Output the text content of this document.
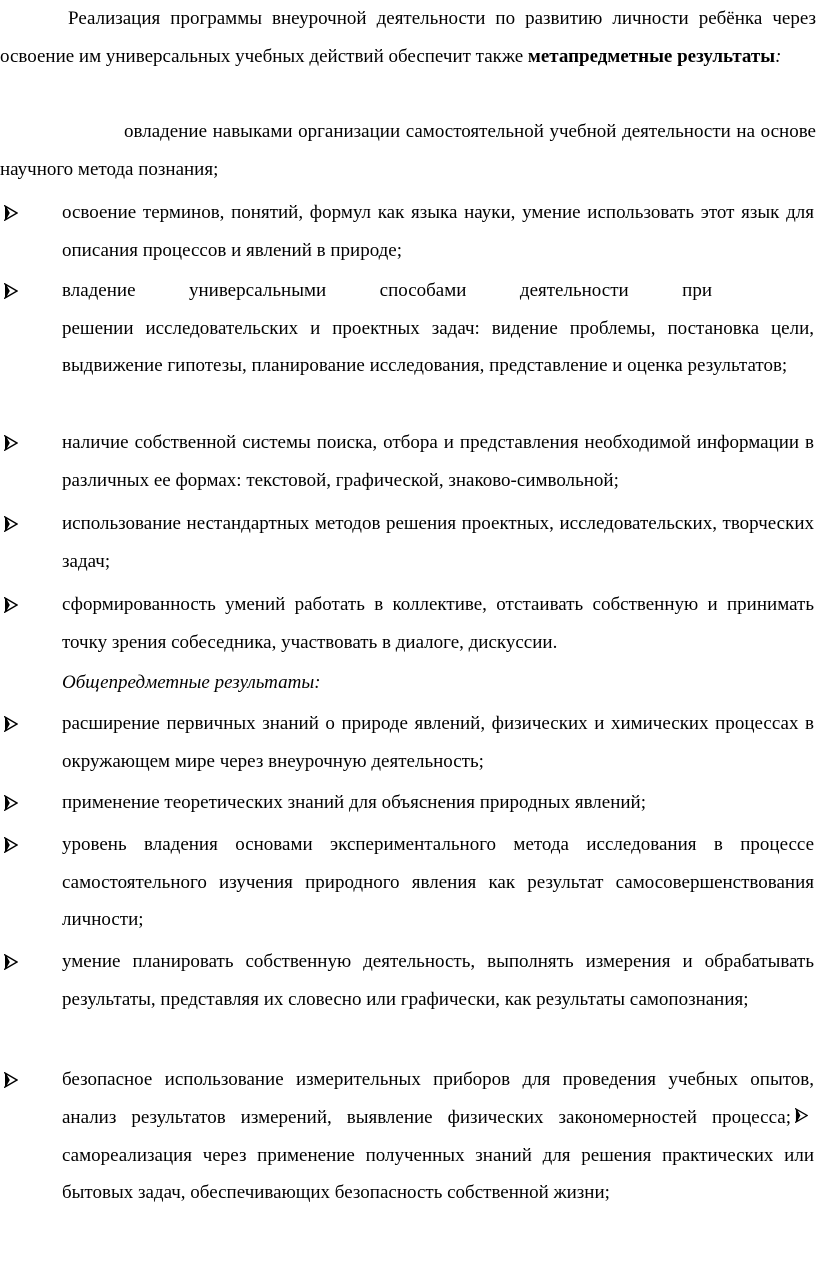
Реализация программы внеурочной деятельности по развитию личности ребёнка через освоение им универсальных учебных действий обеспечит также метапредметные результаты:

овладение навыками организации самостоятельной учебной деятельности на основе научного метода познания;

освоение терминов, понятий, формул как языка науки, умение использовать этот язык для описания процессов и явлений в природе;

владение универсальными способами деятельности при

решении исследовательских и проектных задач: видение проблемы, постановка цели, выдвижение гипотезы, планирование исследования, представление и оценка результатов;

наличие собственной системы поиска, отбора и представления необходимой информации в различных ее формах: текстовой, графической, знаково-символьной;

использование нестандартных методов решения проектных, исследовательских, творческих задач;

сформированность умений работать в коллективе, отстаивать собственную и принимать точку зрения собеседника, участвовать в диалоге, дискуссии.

Общепредметные результаты:

расширение первичных знаний о природе явлений, физических и химических процессах в окружающем мире через внеурочную деятельность;

применение теоретических знаний для объяснения природных явлений;

уровень владения основами экспериментального метода исследования в процессе самостоятельного изучения природного явления как результат самосовершенствования личности;

умение планировать собственную деятельность, выполнять измерения и обрабатывать результаты, представляя их словесно или графически, как результаты самопознания;

безопасное использование измерительных приборов для проведения учебных опытов, анализ результатов измерений, выявление физических закономерностей процесса;самореализация через применение полученных знаний для решения практических или бытовых задач, обеспечивающих безопасность собственной жизни;
